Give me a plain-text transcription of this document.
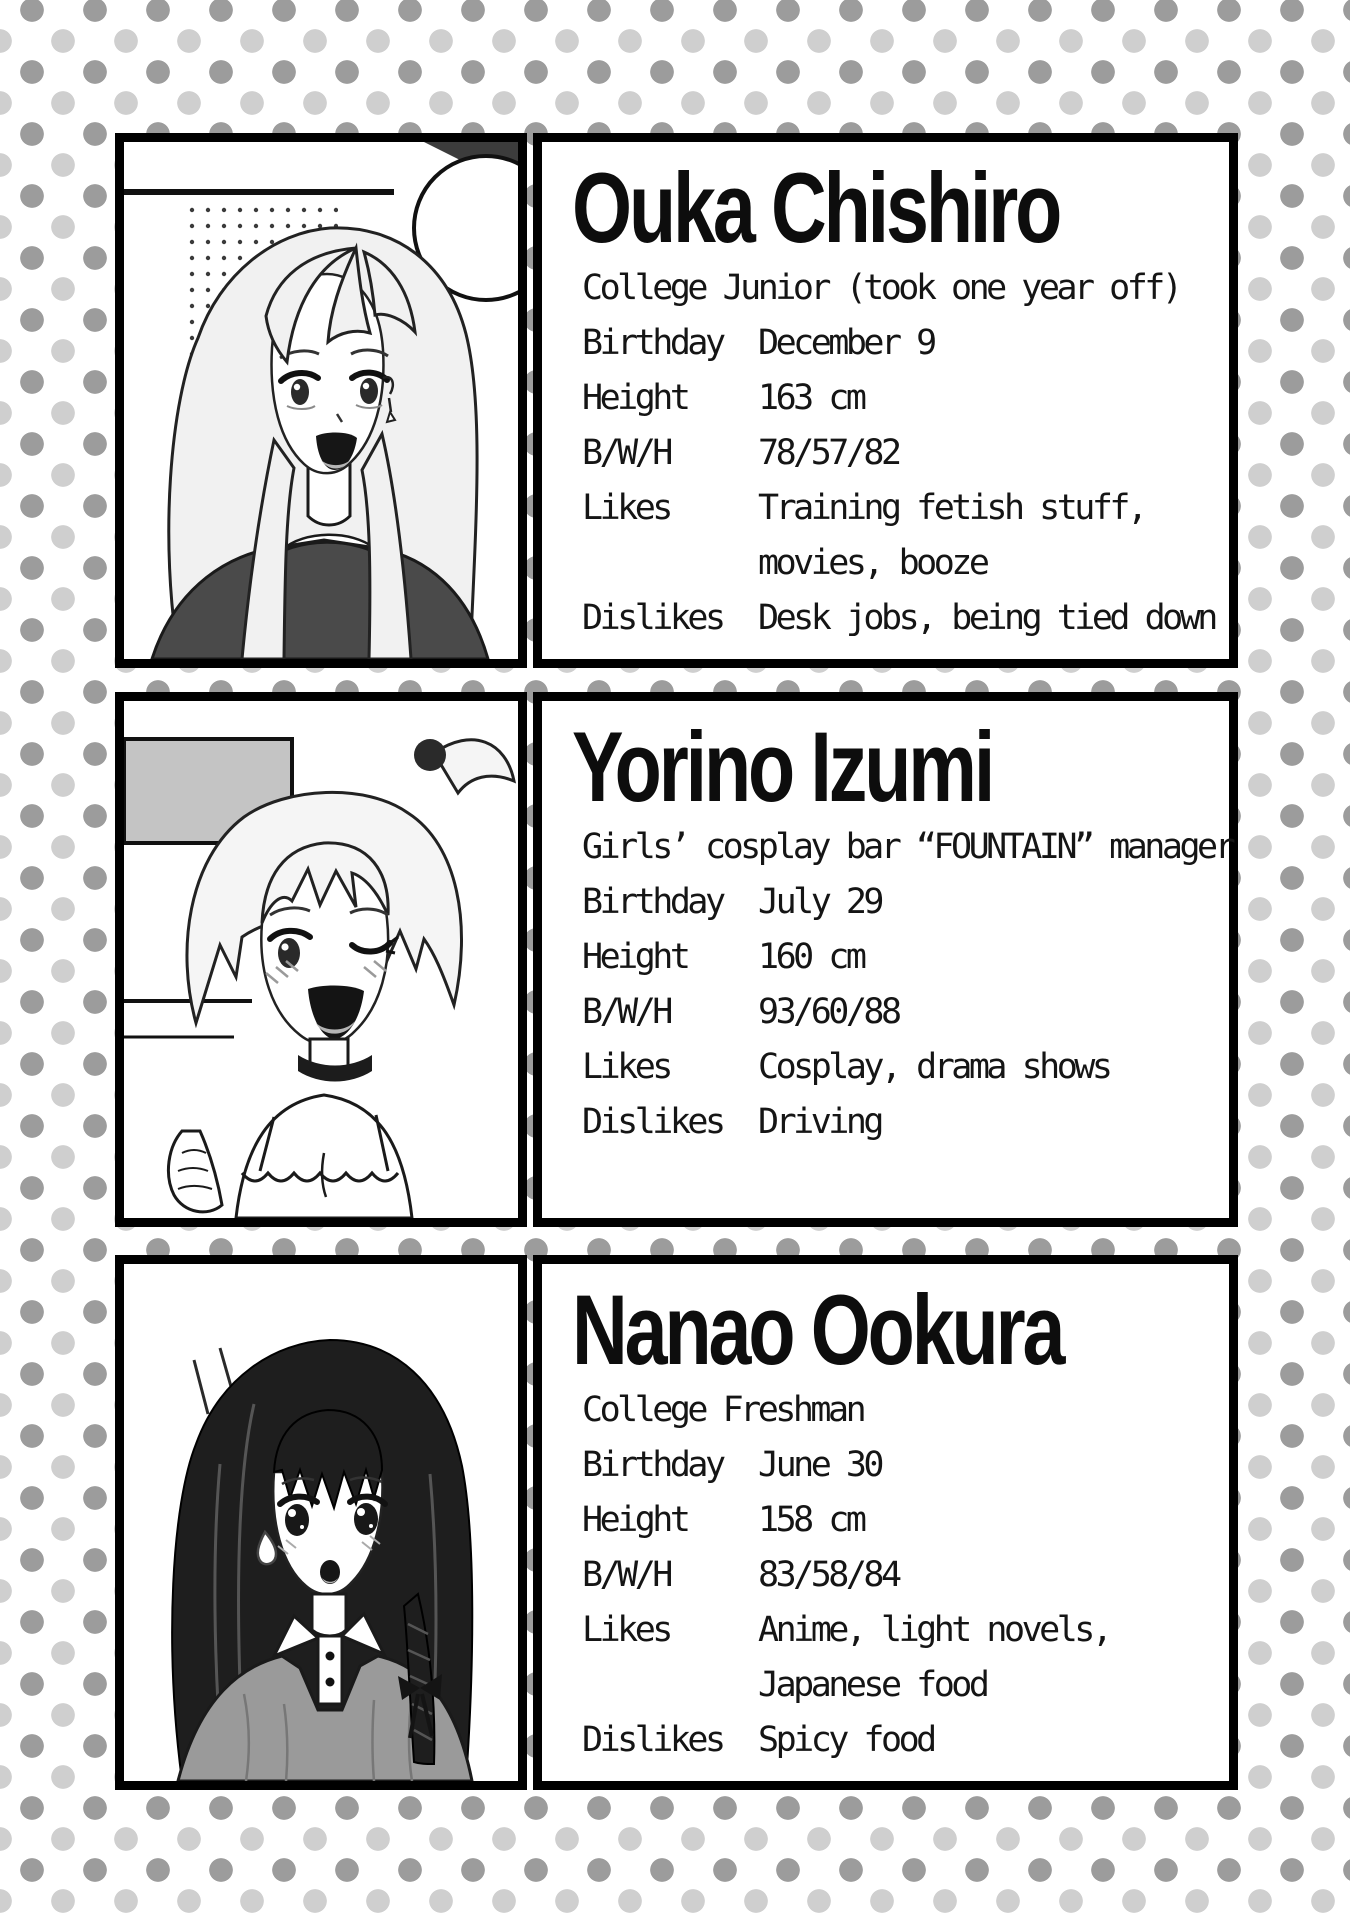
Ouka Chishiro
College Junior (took one year off)
Birthday	December 9
Height	163 cm
B/W/H	78/57/82
Likes	Training fetish stuff,
movies, booze
Dislikes	Desk jobs, being tied down
Yorino Izumi
Girls’ cosplay bar “FOUNTAIN” manager
Birthday	July 29
Height	160 cm
B/W/H	93/60/88
Likes	Cosplay, drama shows
Dislikes	Driving
Nanao Ookura
College Freshman
Birthday	June 30
Height	158 cm
B/W/H	83/58/84
Likes	Anime, light novels,
Japanese food
Dislikes	Spicy food
